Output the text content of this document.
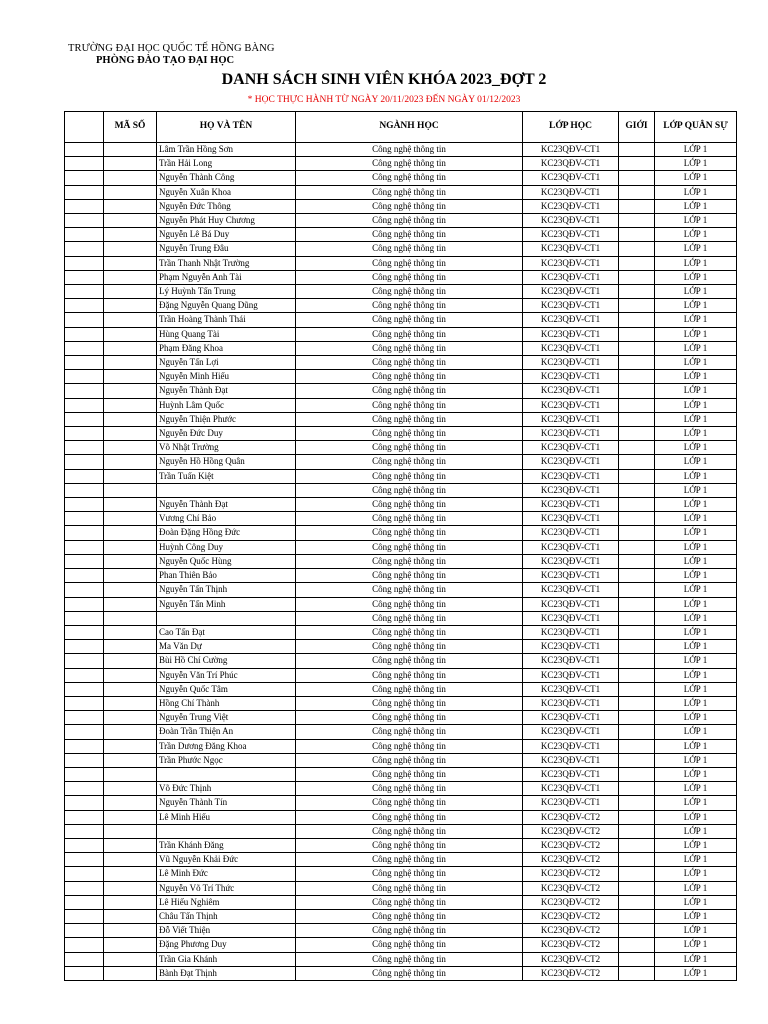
TRƯỜNG ĐẠI HỌC QUỐC TẾ HỒNG BÀNG
PHÒNG ĐÀO TẠO ĐẠI HỌC
DANH SÁCH SINH VIÊN KHÓA 2023_ĐỢT 2
* HỌC THỰC HÀNH TỪ NGÀY 20/11/2023 ĐẾN NGÀY 01/12/2023
	MÃ SỐ	HỌ VÀ TÊN	NGÀNH HỌC	LỚP HỌC	GIỚI	LỚP QUÂN SỰ
		Lâm Trần Hồng Sơn	Công nghệ thông tin	KC23QĐV-CT1		LỚP 1
		Trần Hải Long	Công nghệ thông tin	KC23QĐV-CT1		LỚP 1
		Nguyễn Thành Công	Công nghệ thông tin	KC23QĐV-CT1		LỚP 1
		Nguyễn Xuân Khoa	Công nghệ thông tin	KC23QĐV-CT1		LỚP 1
		Nguyễn Đức Thông	Công nghệ thông tin	KC23QĐV-CT1		LỚP 1
		Nguyễn Phát Huy Chương	Công nghệ thông tin	KC23QĐV-CT1		LỚP 1
		Nguyễn Lê Bá Duy	Công nghệ thông tin	KC23QĐV-CT1		LỚP 1
		Nguyễn Trung Đâu	Công nghệ thông tin	KC23QĐV-CT1		LỚP 1
		Trần Thanh Nhật Trường	Công nghệ thông tin	KC23QĐV-CT1		LỚP 1
		Phạm Nguyễn Anh Tài	Công nghệ thông tin	KC23QĐV-CT1		LỚP 1
		Lý Huỳnh Tấn Trung	Công nghệ thông tin	KC23QĐV-CT1		LỚP 1
		Đặng Nguyễn Quang Dũng	Công nghệ thông tin	KC23QĐV-CT1		LỚP 1
		Trần Hoàng Thành Thái	Công nghệ thông tin	KC23QĐV-CT1		LỚP 1
		Hùng Quang Tài	Công nghệ thông tin	KC23QĐV-CT1		LỚP 1
		Phạm Đăng Khoa	Công nghệ thông tin	KC23QĐV-CT1		LỚP 1
		Nguyễn Tấn Lợi	Công nghệ thông tin	KC23QĐV-CT1		LỚP 1
		Nguyễn Minh Hiếu	Công nghệ thông tin	KC23QĐV-CT1		LỚP 1
		Nguyễn Thành Đạt	Công nghệ thông tin	KC23QĐV-CT1		LỚP 1
		Huỳnh Lâm Quốc	Công nghệ thông tin	KC23QĐV-CT1		LỚP 1
		Nguyễn Thiện Phước	Công nghệ thông tin	KC23QĐV-CT1		LỚP 1
		Nguyễn Đức Duy	Công nghệ thông tin	KC23QĐV-CT1		LỚP 1
		Võ Nhật Trường	Công nghệ thông tin	KC23QĐV-CT1		LỚP 1
		Nguyễn Hồ Hồng Quân	Công nghệ thông tin	KC23QĐV-CT1		LỚP 1
		Trần Tuấn Kiệt	Công nghệ thông tin	KC23QĐV-CT1		LỚP 1
			Công nghệ thông tin	KC23QĐV-CT1		LỚP 1
		Nguyễn Thành Đạt	Công nghệ thông tin	KC23QĐV-CT1		LỚP 1
		Vương Chí Bảo	Công nghệ thông tin	KC23QĐV-CT1		LỚP 1
		Đoàn Đặng Hồng Đức	Công nghệ thông tin	KC23QĐV-CT1		LỚP 1
		Huỳnh Công Duy	Công nghệ thông tin	KC23QĐV-CT1		LỚP 1
		Nguyễn Quốc Hùng	Công nghệ thông tin	KC23QĐV-CT1		LỚP 1
		Phan Thiên Bảo	Công nghệ thông tin	KC23QĐV-CT1		LỚP 1
		Nguyễn Tấn Thịnh	Công nghệ thông tin	KC23QĐV-CT1		LỚP 1
		Nguyễn Tấn Minh	Công nghệ thông tin	KC23QĐV-CT1		LỚP 1
			Công nghệ thông tin	KC23QĐV-CT1		LỚP 1
		Cao Tấn Đạt	Công nghệ thông tin	KC23QĐV-CT1		LỚP 1
		Ma Văn Dự	Công nghệ thông tin	KC23QĐV-CT1		LỚP 1
		Bùi Hồ Chí Cường	Công nghệ thông tin	KC23QĐV-CT1		LỚP 1
		Nguyễn Văn Trí Phúc	Công nghệ thông tin	KC23QĐV-CT1		LỚP 1
		Nguyễn Quốc Tâm	Công nghệ thông tin	KC23QĐV-CT1		LỚP 1
		Hồng Chí Thành	Công nghệ thông tin	KC23QĐV-CT1		LỚP 1
		Nguyễn Trung Việt	Công nghệ thông tin	KC23QĐV-CT1		LỚP 1
		Đoàn Trần Thiện An	Công nghệ thông tin	KC23QĐV-CT1		LỚP 1
		Trần Dương Đăng Khoa	Công nghệ thông tin	KC23QĐV-CT1		LỚP 1
		Trần Phước Ngọc	Công nghệ thông tin	KC23QĐV-CT1		LỚP 1
			Công nghệ thông tin	KC23QĐV-CT1		LỚP 1
		Võ Đức Thịnh	Công nghệ thông tin	KC23QĐV-CT1		LỚP 1
		Nguyễn Thành Tín	Công nghệ thông tin	KC23QĐV-CT1		LỚP 1
		Lê Minh Hiếu	Công nghệ thông tin	KC23QĐV-CT2		LỚP 1
			Công nghệ thông tin	KC23QĐV-CT2		LỚP 1
		Trần Khánh Đăng	Công nghệ thông tin	KC23QĐV-CT2		LỚP 1
		Vũ Nguyễn Khải Đức	Công nghệ thông tin	KC23QĐV-CT2		LỚP 1
		Lê Minh Đức	Công nghệ thông tin	KC23QĐV-CT2		LỚP 1
		Nguyễn Võ Trí Thức	Công nghệ thông tin	KC23QĐV-CT2		LỚP 1
		Lê Hiếu Nghiêm	Công nghệ thông tin	KC23QĐV-CT2		LỚP 1
		Châu Tấn Thịnh	Công nghệ thông tin	KC23QĐV-CT2		LỚP 1
		Đỗ Viết Thiện	Công nghệ thông tin	KC23QĐV-CT2		LỚP 1
		Đặng Phương Duy	Công nghệ thông tin	KC23QĐV-CT2		LỚP 1
		Trần Gia Khánh	Công nghệ thông tin	KC23QĐV-CT2		LỚP 1
		Bành Đạt Thịnh	Công nghệ thông tin	KC23QĐV-CT2		LỚP 1
